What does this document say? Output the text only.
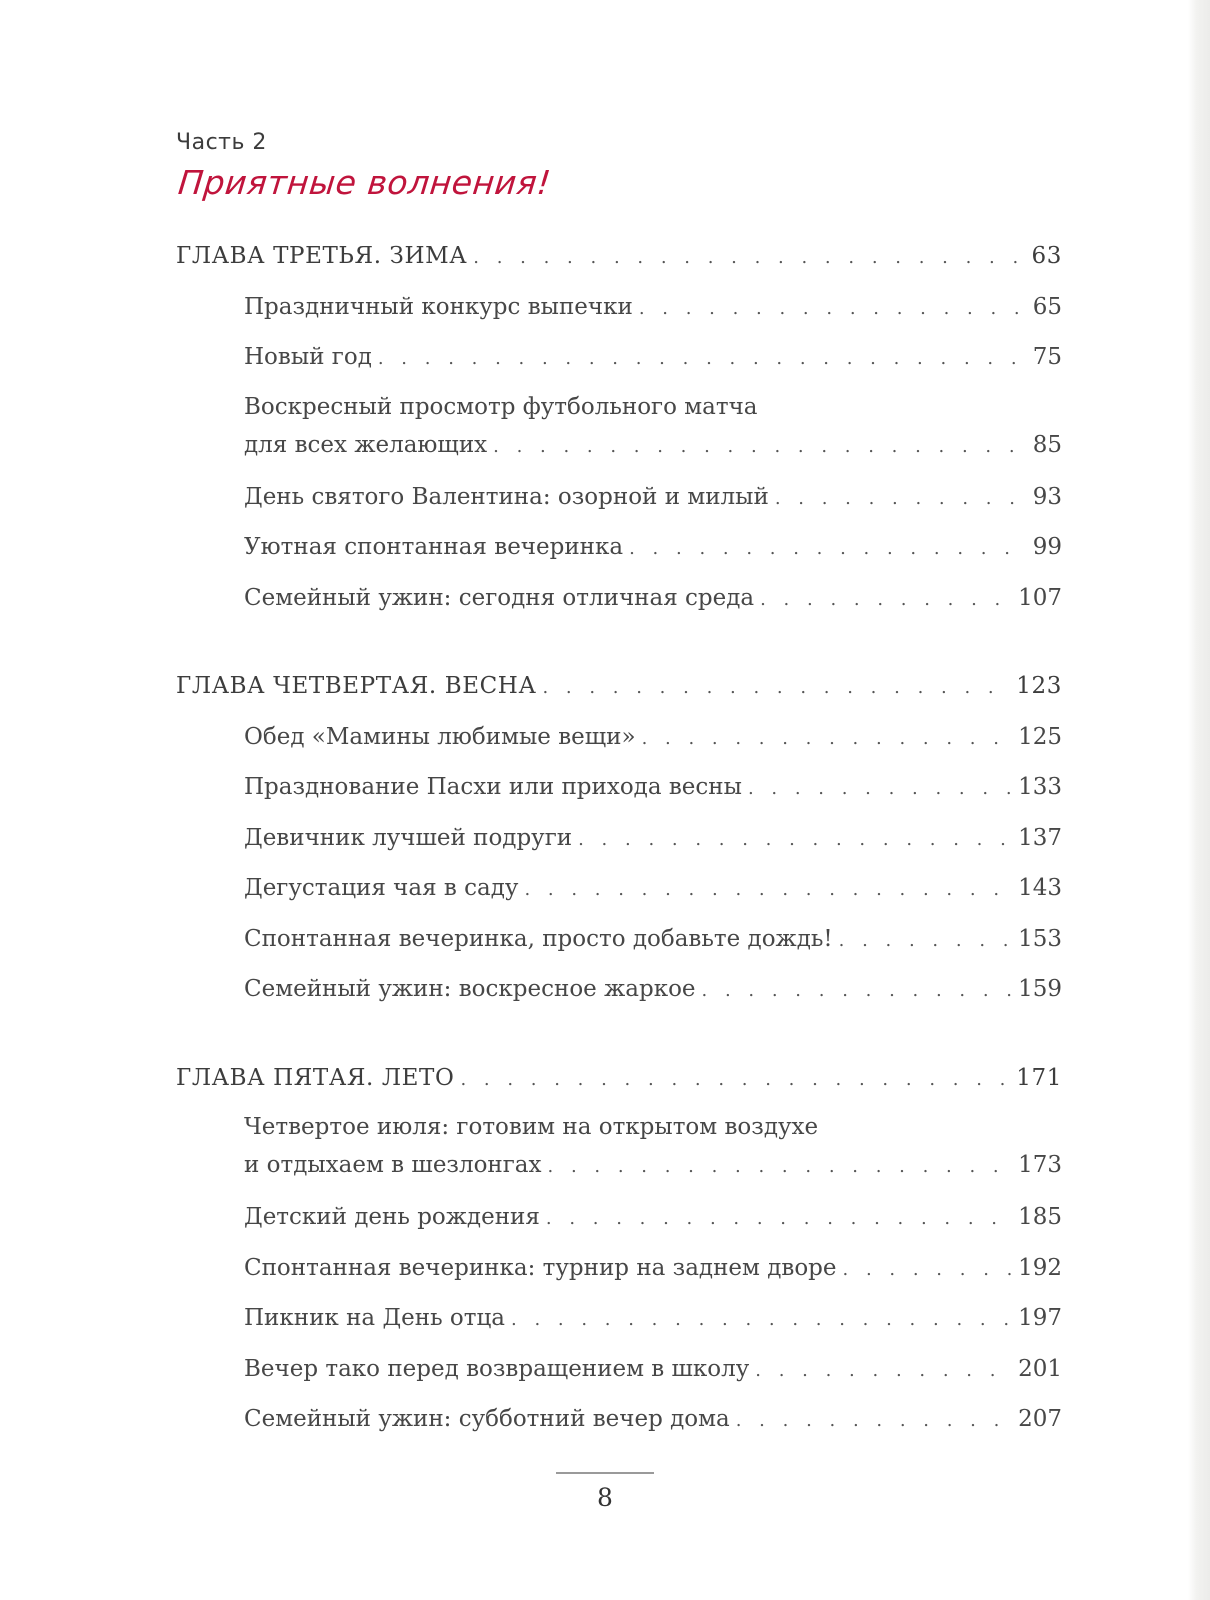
Часть 2
Приятные волнения!
ГЛАВА ТРЕТЬЯ. ЗИМА . . .	63
Праздничный конкурс выпечки . . .	65
Новый год . . .	75
Воскресный просмотр футбольного матча
для всех желающих . . .	85
День святого Валентина: озорной и милый . . .	93
Уютная спонтанная вечеринка . . .	99
Семейный ужин: сегодня отличная среда . . .	107
ГЛАВА ЧЕТВЕРТАЯ. ВЕСНА . . .	123
Обед «Мамины любимые вещи» . . .	125
Празднование Пасхи или прихода весны . . .	133
Девичник лучшей подруги . . .	137
Дегустация чая в саду . . .	143
Спонтанная вечеринка, просто добавьте дождь! . . .	153
Семейный ужин: воскресное жаркое . . .	159
ГЛАВА ПЯТАЯ. ЛЕТО . . .	171
Четвертое июля: готовим на открытом воздухе
и отдыхаем в шезлонгах . . .	173
Детский день рождения . . .	185
Спонтанная вечеринка: турнир на заднем дворе . . .	192
Пикник на День отца . . .	197
Вечер тако перед возвращением в школу . . .	201
Семейный ужин: субботний вечер дома . . .	207
8
